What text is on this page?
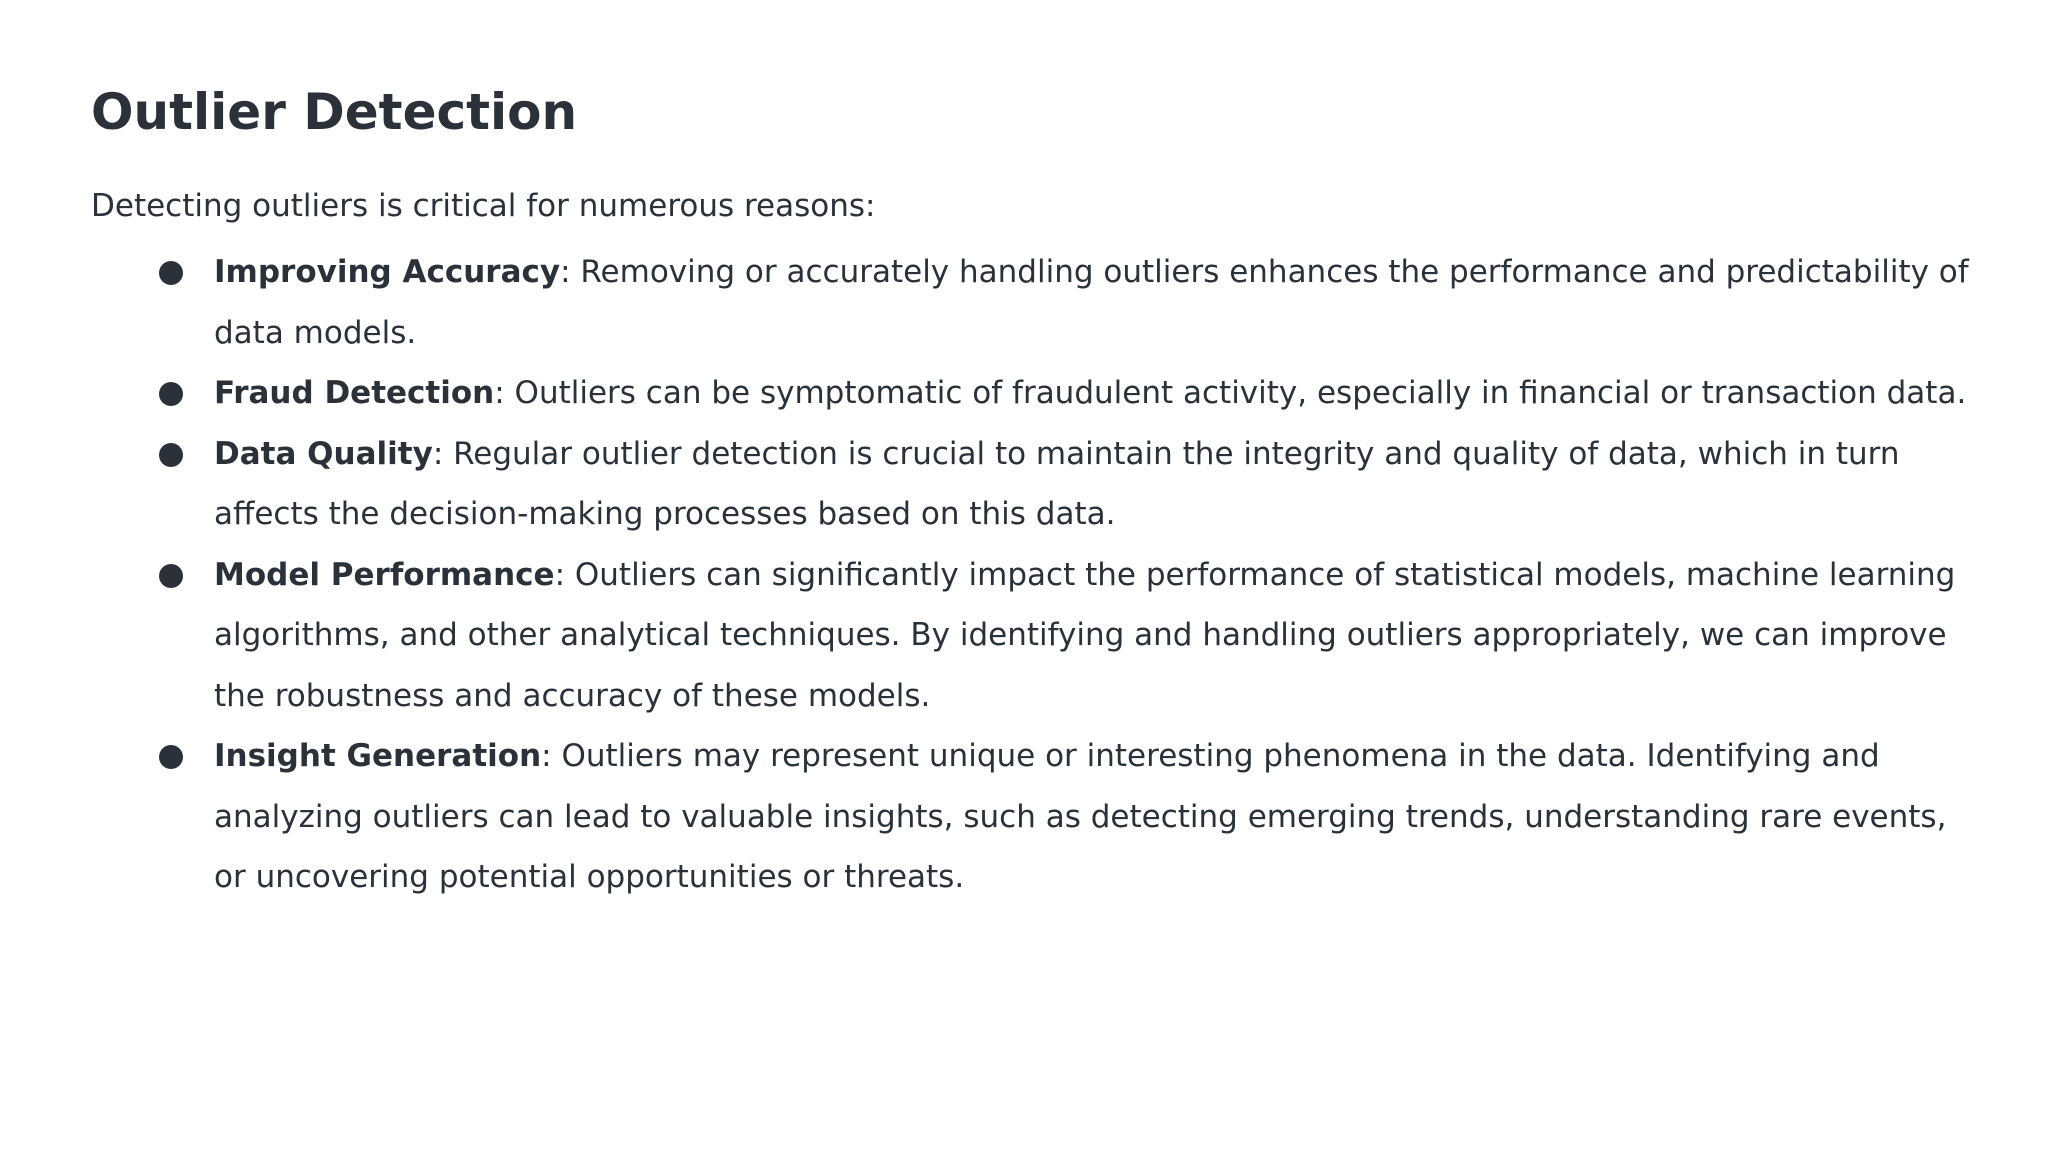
Outlier Detection

Detecting outliers is critical for numerous reasons:

Improving Accuracy: Removing or accurately handling outliers enhances the performance and predictability of data models.
Fraud Detection: Outliers can be symptomatic of fraudulent activity, especially in financial or transaction data.
Data Quality: Regular outlier detection is crucial to maintain the integrity and quality of data, which in turn affects the decision-making processes based on this data.
Model Performance: Outliers can significantly impact the performance of statistical models, machine learning algorithms, and other analytical techniques. By identifying and handling outliers appropriately, we can improve the robustness and accuracy of these models.
Insight Generation: Outliers may represent unique or interesting phenomena in the data. Identifying and analyzing outliers can lead to valuable insights, such as detecting emerging trends, understanding rare events, or uncovering potential opportunities or threats.
